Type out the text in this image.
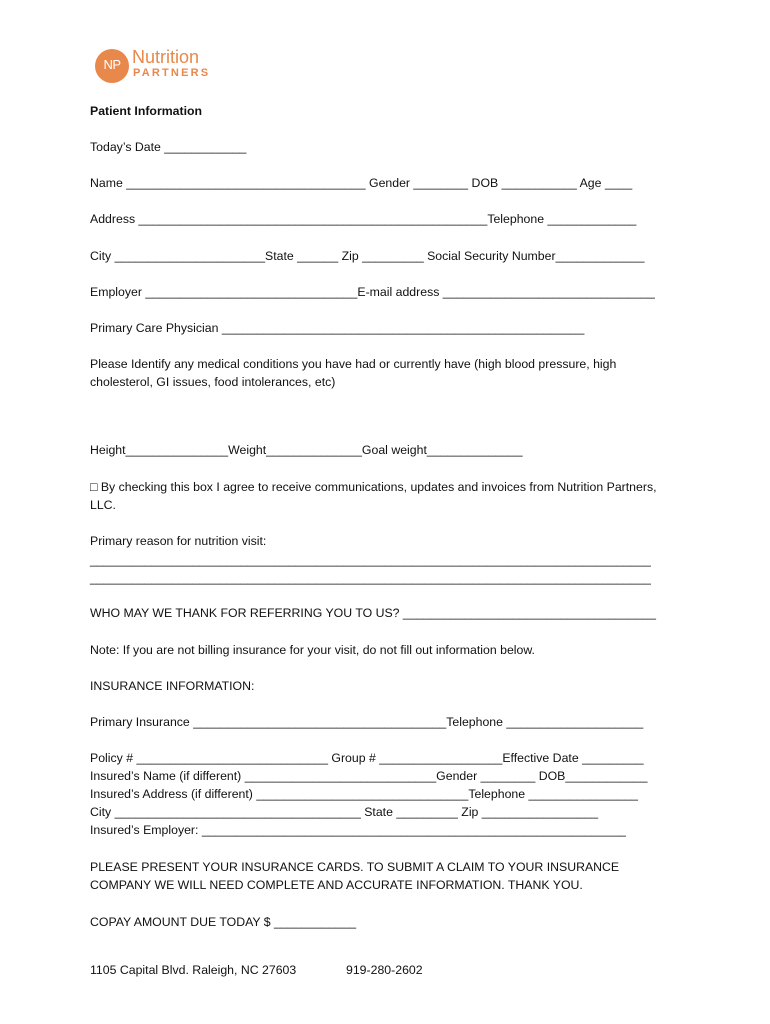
NP Nutrition
PARTNERS
Patient Information
Today’s Date ____________
Name ___________________________________ Gender ________ DOB ___________ Age ____
Address ___________________________________________________Telephone _____________
City ______________________State ______ Zip _________ Social Security Number_____________
Employer _______________________________E-mail address _______________________________
Primary Care Physician _____________________________________________________
Please Identify any medical conditions you have had or currently have (high blood pressure, high cholesterol, GI issues, food intolerances, etc)
Height_______________Weight______________Goal weight______________
□ By checking this box I agree to receive communications, updates and invoices from Nutrition Partners, LLC.
Primary reason for nutrition visit:
__________________________________________________________________________________
__________________________________________________________________________________
WHO MAY WE THANK FOR REFERRING YOU TO US? _____________________________________
Note: If you are not billing insurance for your visit, do not fill out information below.
INSURANCE INFORMATION:
Primary Insurance _____________________________________Telephone ____________________
Policy # ____________________________ Group # __________________Effective Date _________
Insured’s Name (if different) ____________________________Gender ________ DOB____________
Insured’s Address (if different) _______________________________Telephone ________________
City ____________________________________ State _________ Zip _________________
Insured’s Employer: ______________________________________________________________
PLEASE PRESENT YOUR INSURANCE CARDS. TO SUBMIT A CLAIM TO YOUR INSURANCE COMPANY WE WILL NEED COMPLETE AND ACCURATE INFORMATION. THANK YOU.
COPAY AMOUNT DUE TODAY $ ____________
1105 Capital Blvd. Raleigh, NC 27603	919-280-2602
